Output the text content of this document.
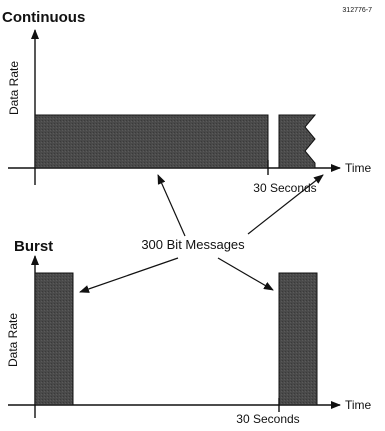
312776-7
Continuous
Data Rate
Time
30 Seconds
300 Bit Messages
Burst
Data Rate
Time
30 Seconds
